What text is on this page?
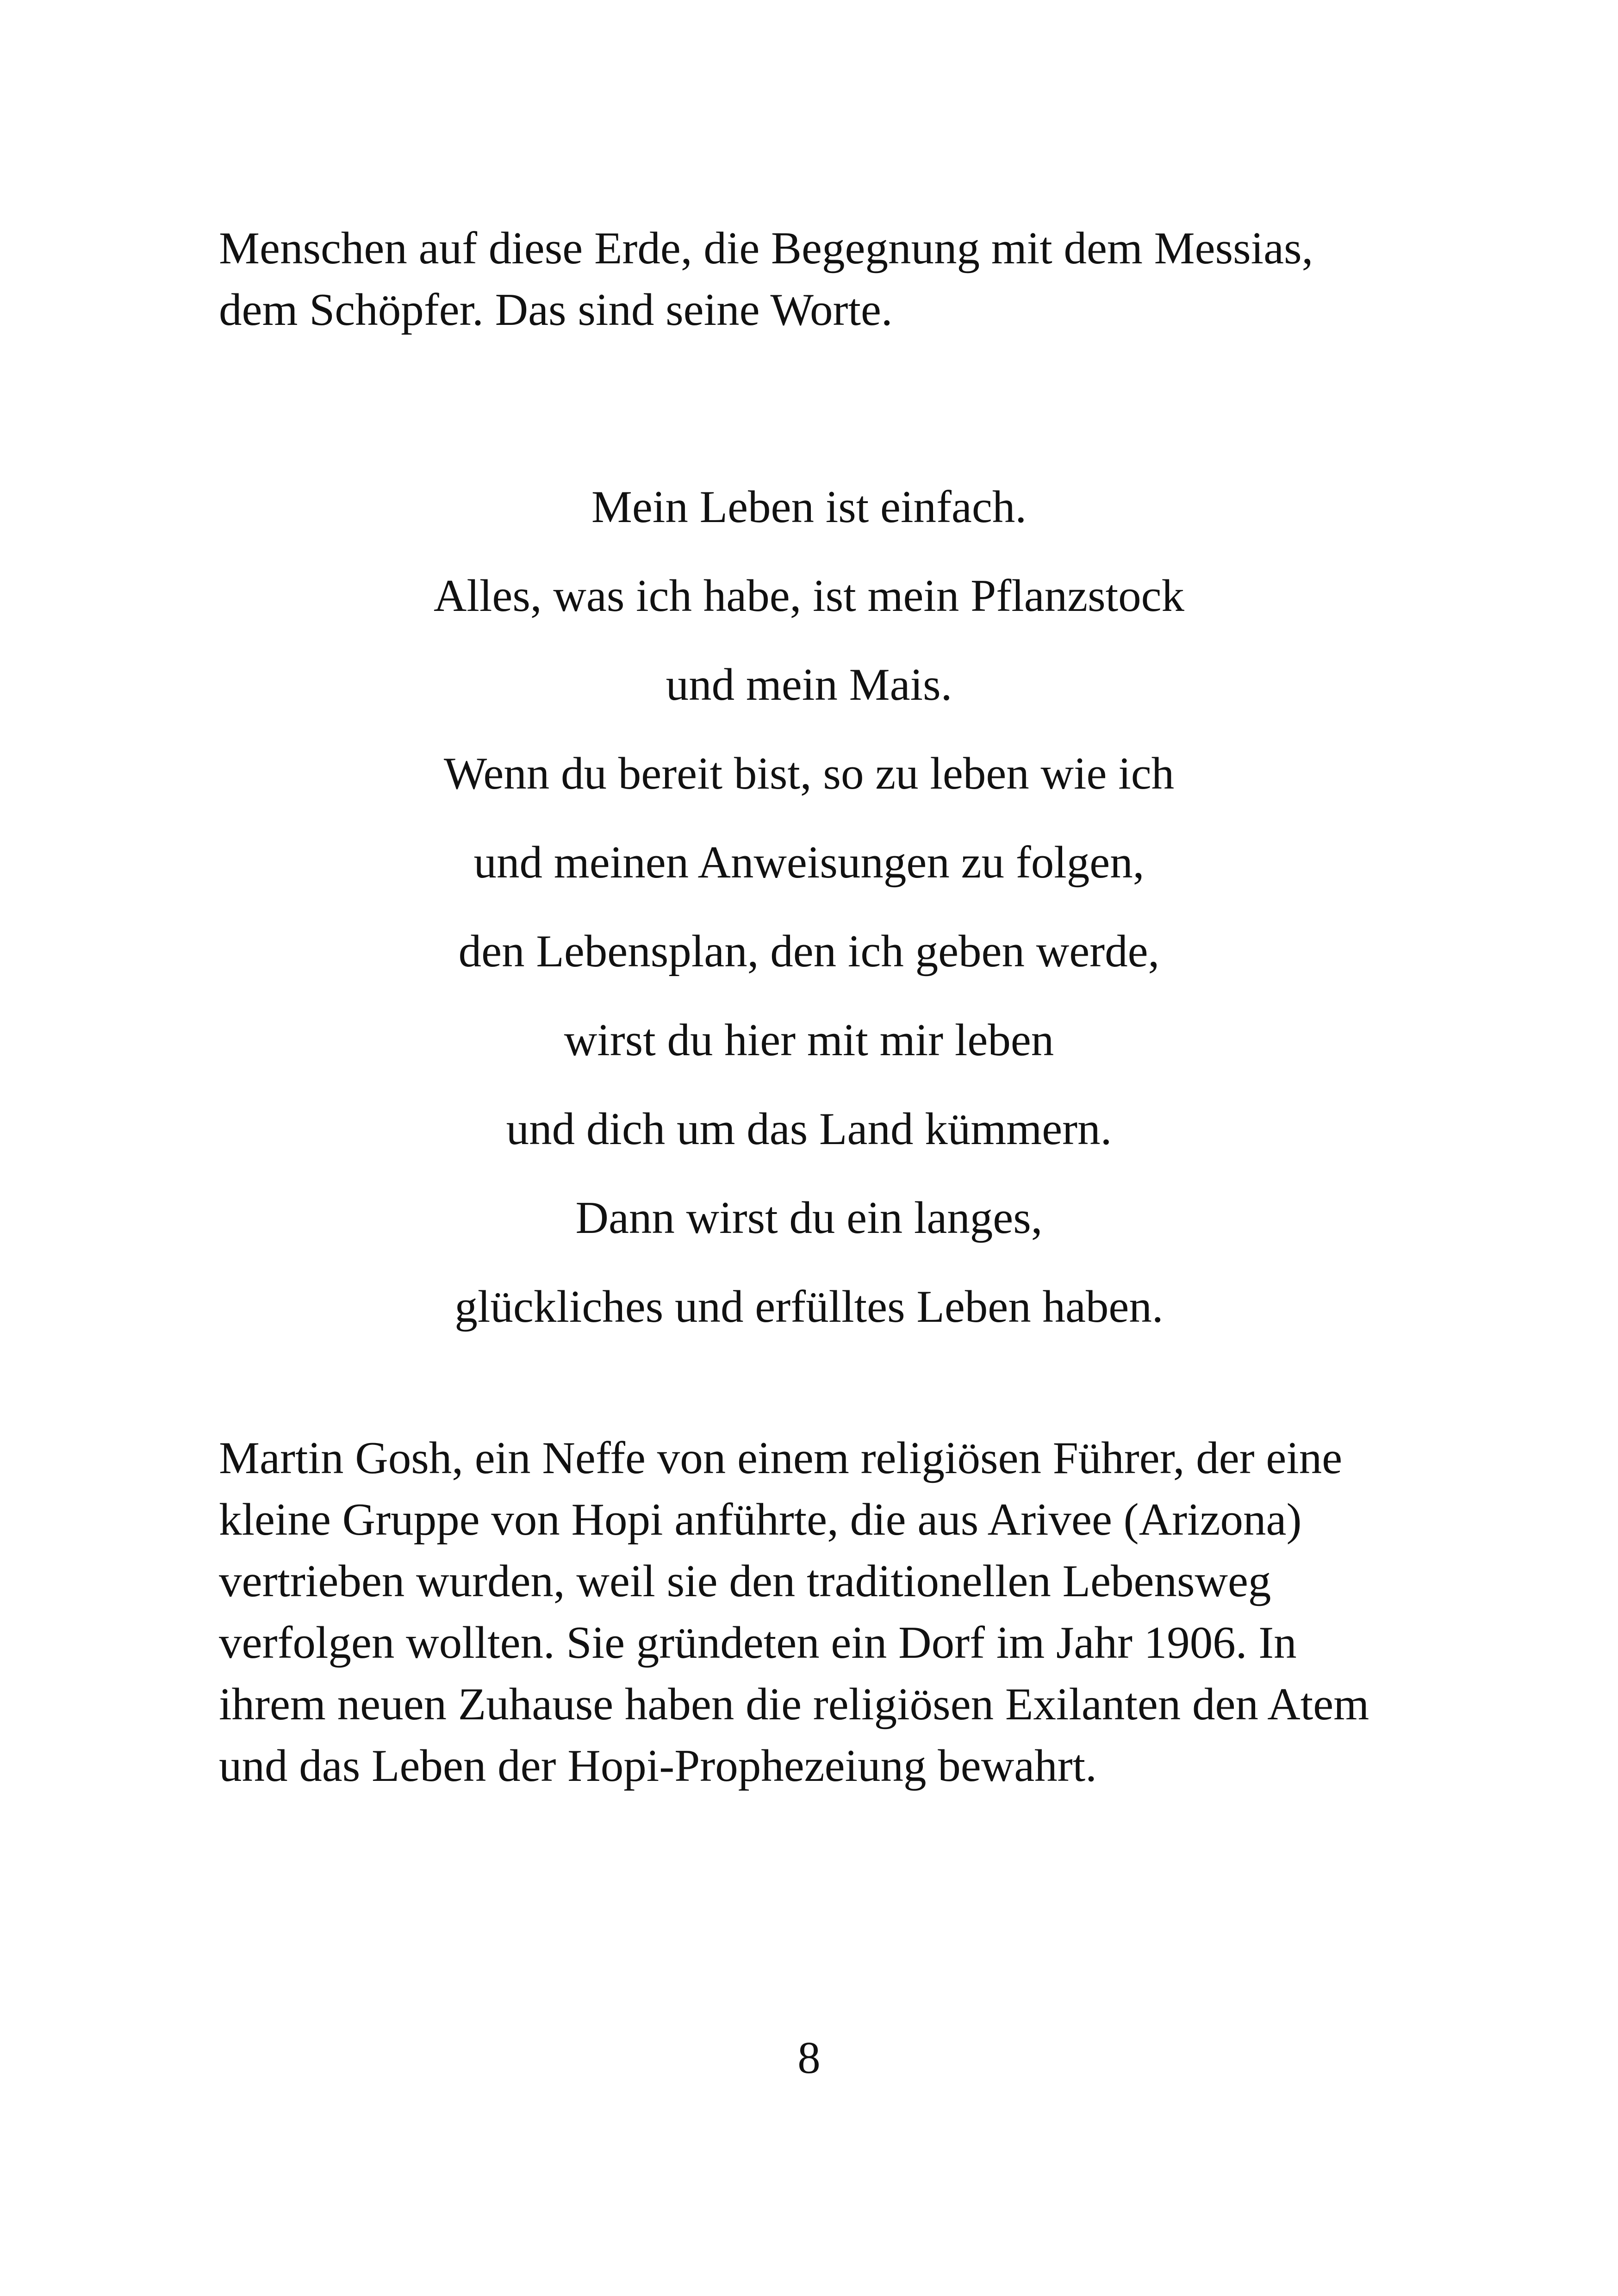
Menschen auf diese Erde, die Begegnung mit dem Messias,
dem Schöpfer. Das sind seine Worte.

Mein Leben ist einfach.
Alles, was ich habe, ist mein Pflanzstock
und mein Mais.
Wenn du bereit bist, so zu leben wie ich
und meinen Anweisungen zu folgen,
den Lebensplan, den ich geben werde,
wirst du hier mit mir leben
und dich um das Land kümmern.
Dann wirst du ein langes,
glückliches und erfülltes Leben haben.

Martin Gosh, ein Neffe von einem religiösen Führer, der eine
kleine Gruppe von Hopi anführte, die aus Arivee (Arizona)
vertrieben wurden, weil sie den traditionellen Lebensweg
verfolgen wollten. Sie gründeten ein Dorf im Jahr 1906. In
ihrem neuen Zuhause haben die religiösen Exilanten den Atem
und das Leben der Hopi-Prophezeiung bewahrt.

8
